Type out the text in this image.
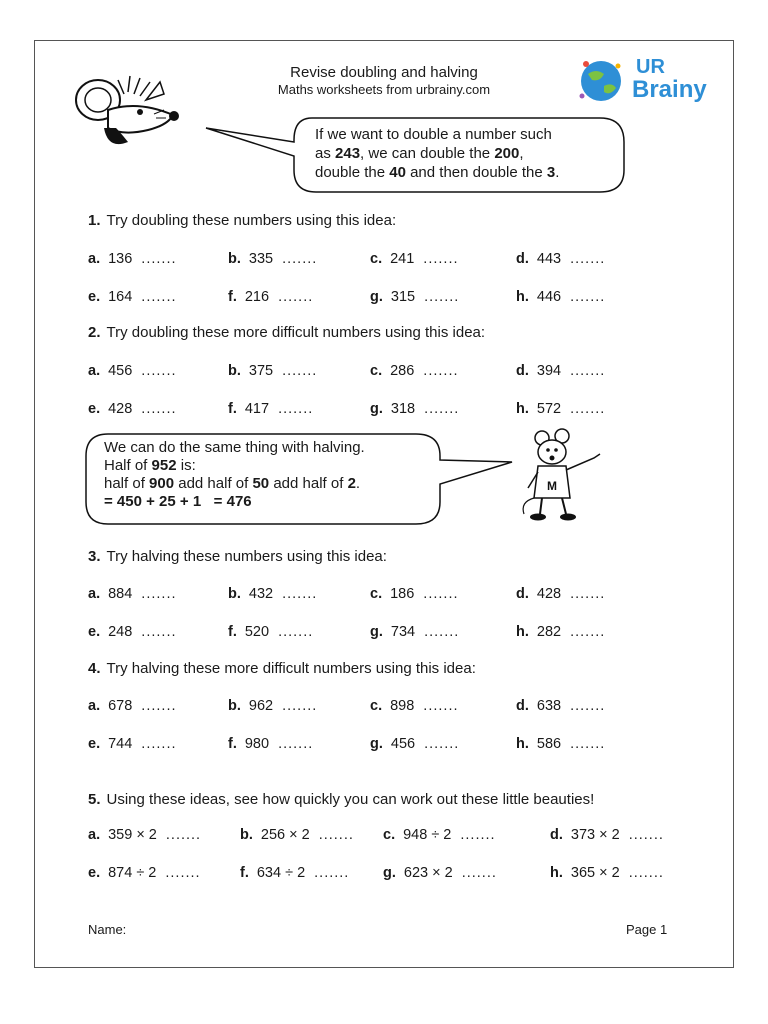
Revise doubling and halving
Maths worksheets from urbrainy.com
UR
Brainy
If we want to double a number such
as 243, we can double the 200,
double the 40 and then double the 3.
We can do the same thing with halving.
Half of 952 is:
half of 900 add half of 50 add half of 2.
= 450 + 25 + 1   = 476
M
1. Try doubling these numbers using this idea:
a. 136 .......	b. 335 .......	c. 241 .......	d. 443 .......
e. 164 .......	f. 216 .......	g. 315 .......	h. 446 .......
2. Try doubling these more difficult numbers using this idea:
a. 456 .......	b. 375 .......	c. 286 .......	d. 394 .......
e. 428 .......	f. 417 .......	g. 318 .......	h. 572 .......
3. Try halving these numbers using this idea:
a. 884 .......	b. 432 .......	c. 186 .......	d. 428 .......
e. 248 .......	f. 520 .......	g. 734 .......	h. 282 .......
4. Try halving these more difficult numbers using this idea:
a. 678 .......	b. 962 .......	c. 898 .......	d. 638 .......
e. 744 .......	f. 980 .......	g. 456 .......	h. 586 .......
5. Using these ideas, see how quickly you can work out these little beauties!
a. 359 × 2 .......	b. 256 × 2 ....... c. 948 ÷ 2 .......	d. 373 × 2 .......
e. 874 ÷ 2 .......	f. 634 ÷ 2 ....... g. 623 × 2 .......	h. 365 × 2 .......
Name:	Page 1
